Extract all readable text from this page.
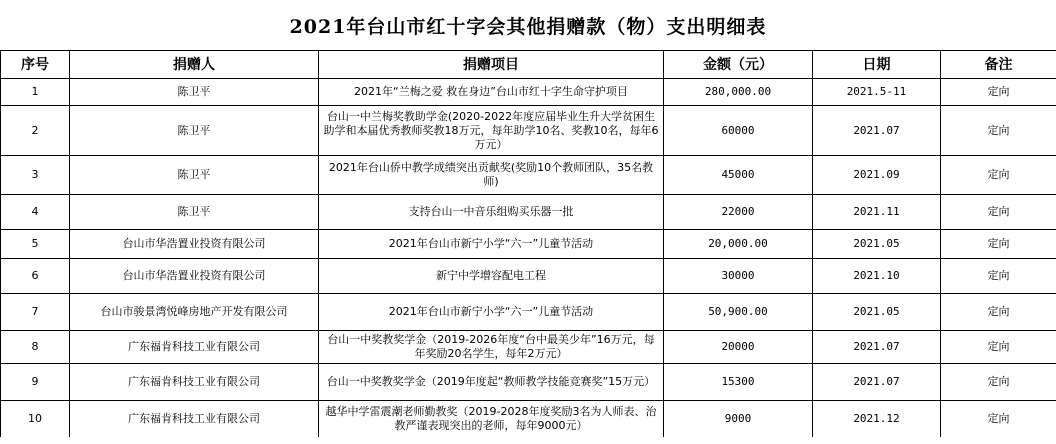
2021年台山市红十字会其他捐赠款（物）支出明细表
序号	捐赠人	捐赠项目	金额（元）	日期	备注
1	陈卫平	2021年“兰梅之爱 救在身边”台山市红十字生命守护项目	280,000.00	2021.5-11	定向
2	陈卫平	台山一中兰梅奖教助学金(2020-2022年度应届毕业生升大学贫困生助学和本届优秀教师奖教18万元，每年助学10名、奖教10名，每年6万元）	60000	2021.07	定向
3	陈卫平	2021年台山侨中教学成绩突出贡献奖(奖励10个教师团队，35名教师)	45000	2021.09	定向
4	陈卫平	支持台山一中音乐组购买乐器一批	22000	2021.11	定向
5	台山市华浩置业投资有限公司	2021年台山市新宁小学“六一”儿童节活动	20,000.00	2021.05	定向
6	台山市华浩置业投资有限公司	新宁中学增容配电工程	30000	2021.10	定向
7	台山市骏景湾悦峰房地产开发有限公司	2021年台山市新宁小学“六一”儿童节活动	50,900.00	2021.05	定向
8	广东福肯科技工业有限公司	台山一中奖教奖学金（2019-2026年度“台中最美少年”16万元，每年奖励20名学生，每年2万元）	20000	2021.07	定向
9	广东福肯科技工业有限公司	台山一中奖教奖学金（2019年度起“教师教学技能竞赛奖”15万元）	15300	2021.07	定向
10	广东福肯科技工业有限公司	越华中学雷震潮老师勤教奖（2019-2028年度奖励3名为人师表、治教严谨表现突出的老师，每年9000元）	9000	2021.12	定向
